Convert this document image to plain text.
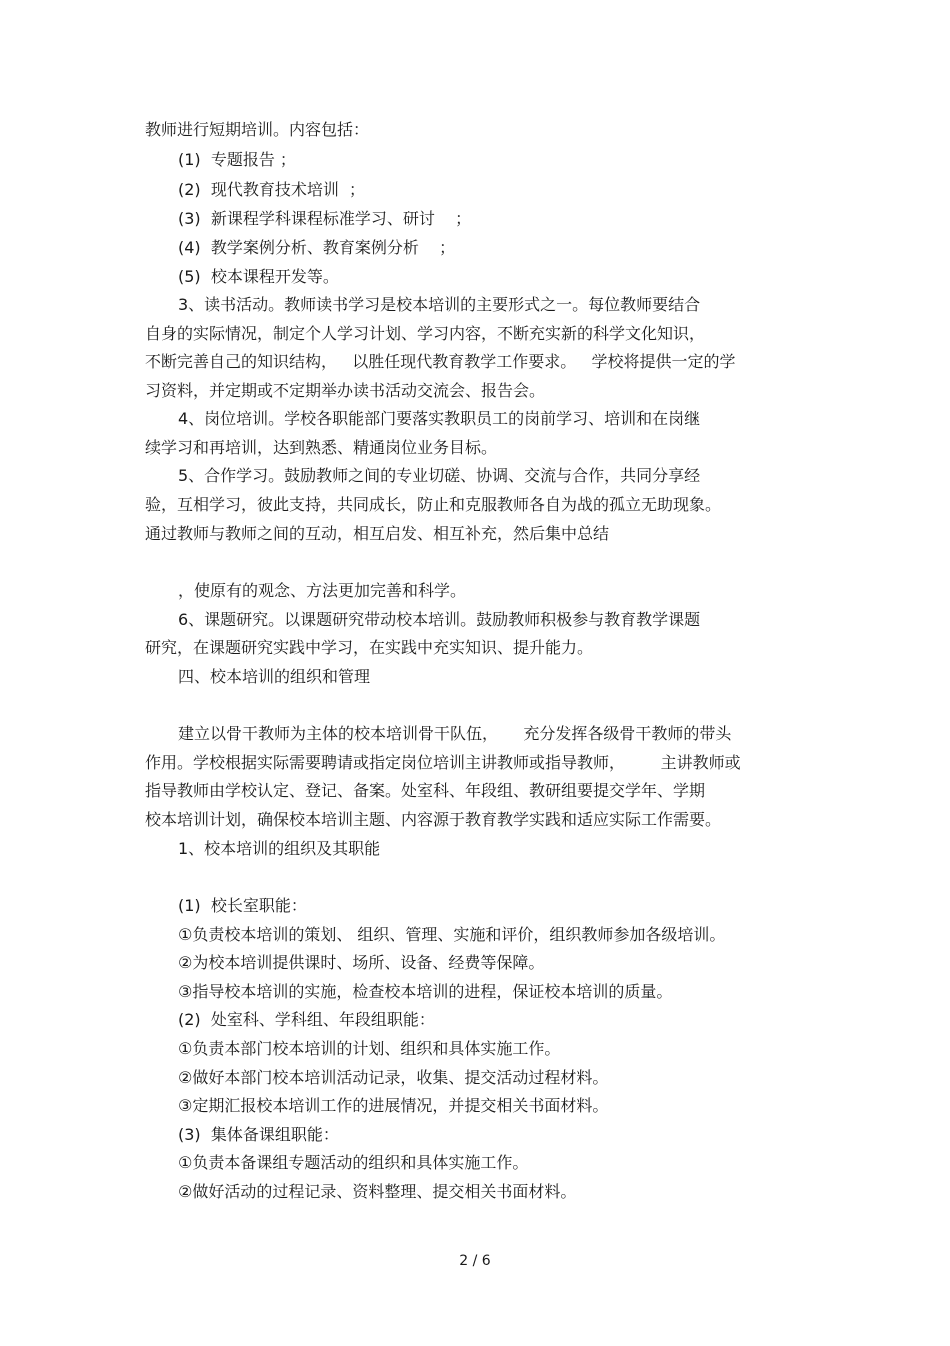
教师进行短期培训。内容包括：
(1)  专题报告 ；
(2)  现代教育技术培训  ；
(3)  新课程学科课程标准学习、研讨    ；
(4)  教学案例分析、教育案例分析    ；
(5)  校本课程开发等。
3、读书活动。教师读书学习是校本培训的主要形式之一。每位教师要结合
自身的实际情况，制定个人学习计划、学习内容，不断充实新的科学文化知识，
不断完善自己的知识结构，   以胜任现代教育教学工作要求。   学校将提供一定的学
习资料，并定期或不定期举办读书活动交流会、报告会。
4、岗位培训。学校各职能部门要落实教职员工的岗前学习、培训和在岗继
续学习和再培训，达到熟悉、精通岗位业务目标。
5、合作学习。鼓励教师之间的专业切磋、协调、交流与合作，共同分享经
验，互相学习，彼此支持，共同成长，防止和克服教师各自为战的孤立无助现象。
通过教师与教师之间的互动，相互启发、相互补充，然后集中总结
，使原有的观念、方法更加完善和科学。
6、课题研究。以课题研究带动校本培训。鼓励教师积极参与教育教学课题
研究，在课题研究实践中学习，在实践中充实知识、提升能力。
四、校本培训的组织和管理
建立以骨干教师为主体的校本培训骨干队伍，     充分发挥各级骨干教师的带头
作用。学校根据实际需要聘请或指定岗位培训主讲教师或指导教师，       主讲教师或
指导教师由学校认定、登记、备案。处室科、年段组、教研组要提交学年、学期
校本培训计划，确保校本培训主题、内容源于教育教学实践和适应实际工作需要。
1、校本培训的组织及其职能
(1)  校长室职能：
①负责校本培训的策划、 组织、管理、实施和评价，组织教师参加各级培训。
②为校本培训提供课时、场所、设备、经费等保障。
③指导校本培训的实施，检查校本培训的进程，保证校本培训的质量。
(2)  处室科、学科组、年段组职能：
①负责本部门校本培训的计划、组织和具体实施工作。
②做好本部门校本培训活动记录，收集、提交活动过程材料。
③定期汇报校本培训工作的进展情况，并提交相关书面材料。
(3)  集体备课组职能：
①负责本备课组专题活动的组织和具体实施工作。
②做好活动的过程记录、资料整理、提交相关书面材料。
2 / 6
